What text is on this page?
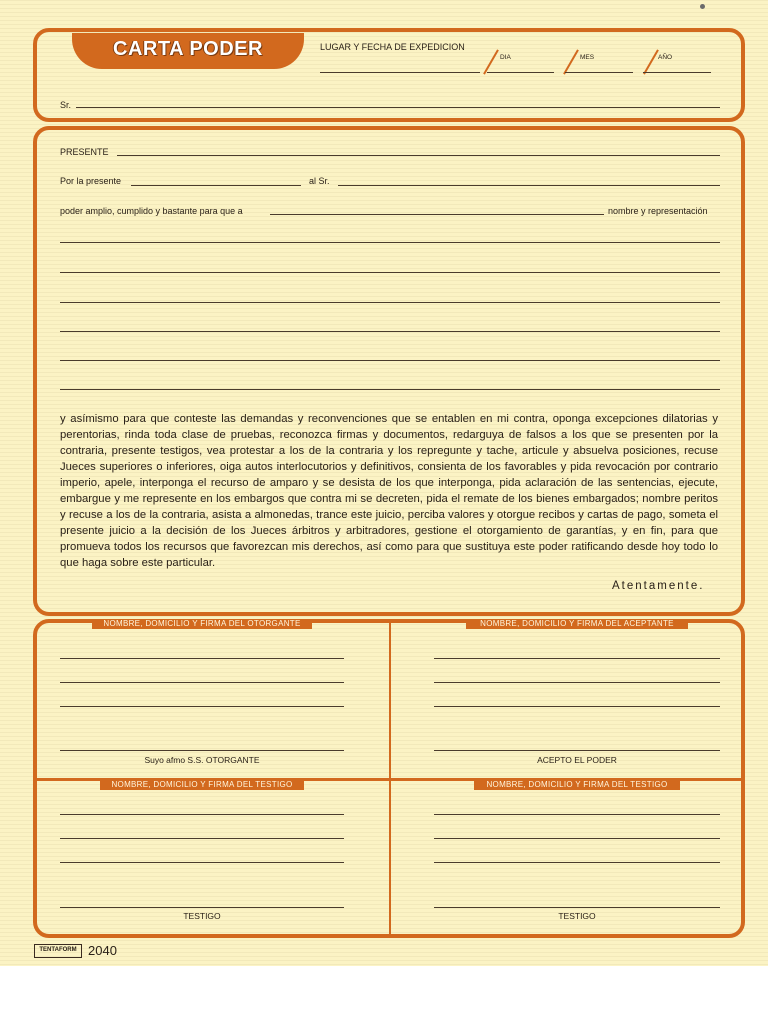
CARTA PODER	LUGAR Y FECHA DE EXPEDICION
DIA	MES	AÑO
Sr.
PRESENTE
Por la presente	al Sr.
poder amplio, cumplido y bastante para que a	nombre y representación
y asímismo para que conteste las demandas y reconvenciones que se entablen en mi contra, oponga excepciones dilatorias y perentorias, rinda toda clase de pruebas, reconozca firmas y documentos, redarguya de falsos a los que se presenten por la contraria, presente testigos, vea protestar a los de la contraria y los repregunte y tache, articule y absuelva posiciones, recuse Jueces superiores o inferiores, oiga autos interlocutorios y definitivos, consienta de los favorables y pida revocación por contrario imperio, apele, interponga el recurso de amparo y se desista de los que interponga, pida aclaración de las sentencias, ejecute, embargue y me represente en los embargos que contra mi se decreten, pida el remate de los bienes embargados; nombre peritos y recuse a los de la contraria, asista a almonedas, trance este juicio, perciba valores y otorgue recibos y cartas de pago, someta el presente juicio a la decisión de los Jueces árbitros y arbitradores, gestione el otorgamiento de garantías, y en fin, para que promueva todos los recursos que favorezcan mis derechos, así como para que sustituya este poder ratificando desde hoy todo lo que haga sobre este particular.
Atentamente.
NOMBRE, DOMICILIO Y FIRMA DEL OTORGANTE	NOMBRE, DOMICILIO Y FIRMA DEL ACEPTANTE
Suyo afmo S.S. OTORGANTE	ACEPTO EL PODER
NOMBRE, DOMICILIO Y FIRMA DEL TESTIGO	NOMBRE, DOMICILIO Y FIRMA DEL TESTIGO
TESTIGO	TESTIGO
TENTAFORM 2040
